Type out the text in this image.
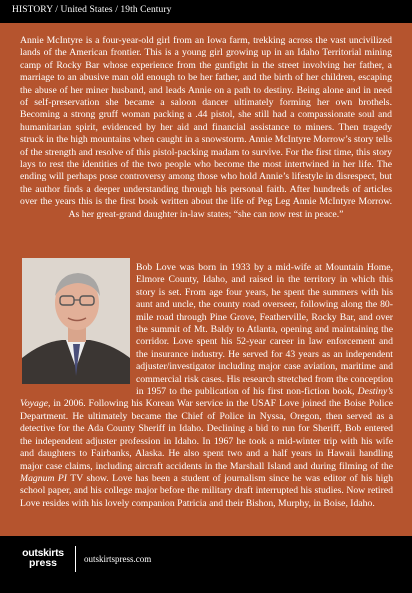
HISTORY / United States / 19th Century

Annie McIntyre is a four-year-old girl from an Iowa farm, trekking across the vast uncivilized lands of the American frontier. This is a young girl growing up in an Idaho Territorial mining camp of Rocky Bar whose experience from the gunfight in the street involving her father, a marriage to an abusive man old enough to be her father, and the birth of her children, escaping the abuse of her miner husband, and leads Annie on a path to destiny. Being alone and in need of self-preservation she became a saloon dancer ultimately forming her own brothels. Becoming a strong gruff woman packing a .44 pistol, she still had a compassionate soul and humanitarian spirit, evidenced by her aid and financial assistance to miners. Then tragedy struck in the high mountains when caught in a snowstorm. Annie McIntyre Morrow’s story tells of the strength and resolve of this pistol-packing madam to survive. For the first time, this story lays to rest the identities of the two people who become the most intertwined in her life. The ending will perhaps pose controversy among those who hold Annie’s lifestyle in disrespect, but the author finds a deeper understanding through his personal faith. After hundreds of articles over the years this is the first book written about the life of Peg Leg Annie McIntyre Morrow. As her great-grand daughter in-law states; “she can now rest in peace.”

Bob Love was born in 1933 by a mid-wife at Mountain Home, Elmore County, Idaho, and raised in the territory in which this story is set. From age four years, he spent the summers with his aunt and uncle, the county road overseer, following along the 80-mile road through Pine Grove, Featherville, Rocky Bar, and over the summit of Mt. Baldy to Atlanta, opening and maintaining the corridor. Love spent his 52-year career in law enforcement and the insurance industry. He served for 43 years as an independent adjuster/investigator including major case aviation, maritime and commercial risk cases. His research stretched from the conception in 1957 to the publication of his first non-fiction book, Destiny’s Voyage, in 2006. Following his Korean War service in the USAF Love joined the Boise Police Department. He ultimately became the Chief of Police in Nyssa, Oregon, then served as a detective for the Ada County Sheriff in Idaho. Declining a bid to run for Sheriff, Bob entered the independent adjuster profession in Idaho. In 1967 he took a mid-winter trip with his wife and daughters to Fairbanks, Alaska. He also spent two and a half years in Hawaii handling major case claims, including aircraft accidents in the Marshall Island and during filming of the Magnum PI TV show. Love has been a student of journalism since he was editor of his high school paper, and his college major before the military draft interrupted his studies. Now retired Love resides with his lovely companion Patricia and their Bishon, Murphy, in Boise, Idaho.

outskirts
press	outskirtspress.com
